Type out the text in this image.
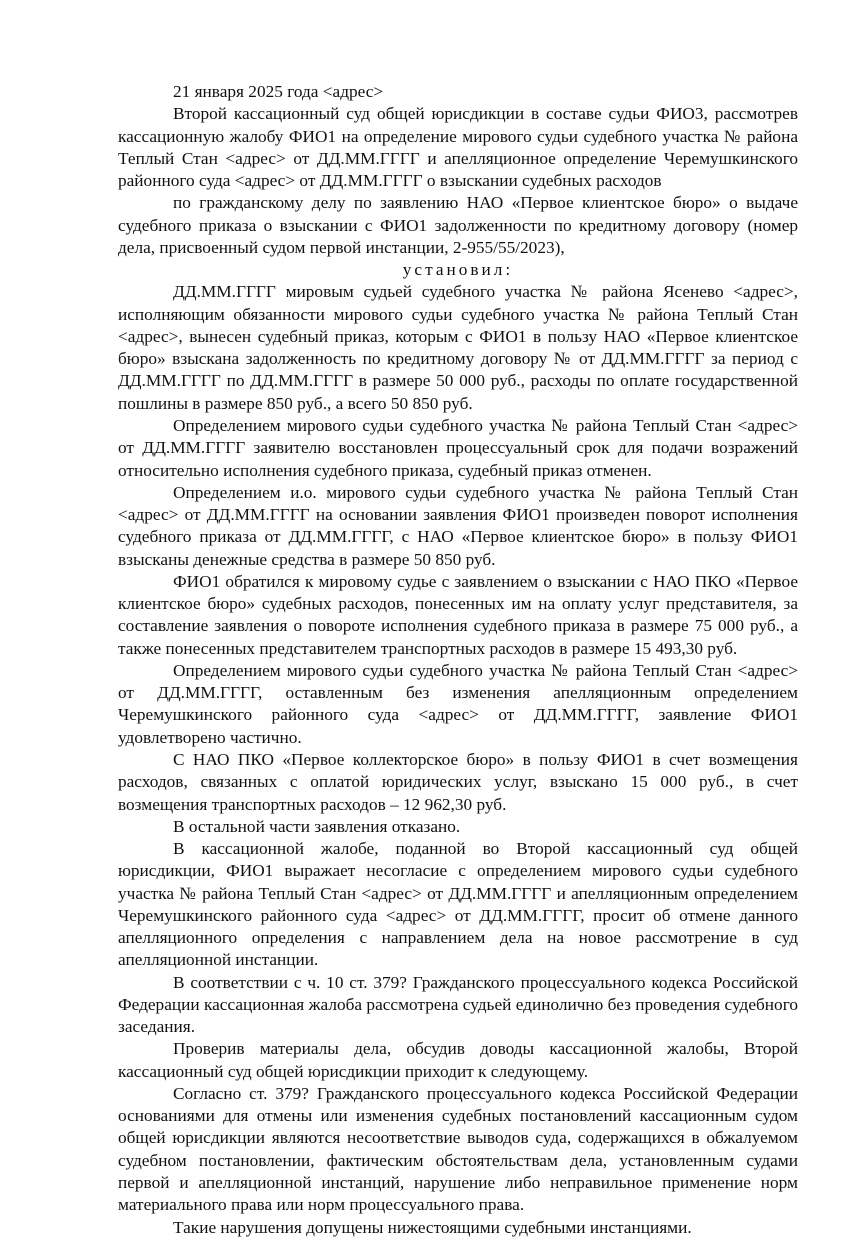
21 января 2025 года <адрес>

Второй кассационный суд общей юрисдикции в составе судьи ФИО3, рассмотрев кассационную жалобу ФИО1 на определение мирового судьи судебного участка № района Теплый Стан <адрес> от ДД.ММ.ГГГГ и апелляционное определение Черемушкинского районного суда <адрес> от ДД.ММ.ГГГГ о взыскании судебных расходов

по гражданскому делу по заявлению НАО «Первое клиентское бюро» о выдаче судебного приказа о взыскании с ФИО1 задолженности по кредитному договору (номер дела, присвоенный судом первой инстанции, 2-955/55/2023),

установил:

ДД.ММ.ГГГГ мировым судьей судебного участка № района Ясенево <адрес>, исполняющим обязанности мирового судьи судебного участка № района Теплый Стан <адрес>, вынесен судебный приказ, которым с ФИО1 в пользу НАО «Первое клиентское бюро» взыскана задолженность по кредитному договору № от ДД.ММ.ГГГГ за период с ДД.ММ.ГГГГ по ДД.ММ.ГГГГ в размере 50 000 руб., расходы по оплате государственной пошлины в размере 850 руб., а всего 50 850 руб.

Определением мирового судьи судебного участка № района Теплый Стан <адрес> от ДД.ММ.ГГГГ заявителю восстановлен процессуальный срок для подачи возражений относительно исполнения судебного приказа, судебный приказ отменен.

Определением и.о. мирового судьи судебного участка № района Теплый Стан <адрес> от ДД.ММ.ГГГГ на основании заявления ФИО1 произведен поворот исполнения судебного приказа от ДД.ММ.ГГГГ, с НАО «Первое клиентское бюро» в пользу ФИО1 взысканы денежные средства в размере 50 850 руб.

ФИО1 обратился к мировому судье с заявлением о взыскании с НАО ПКО «Первое клиентское бюро» судебных расходов, понесенных им на оплату услуг представителя, за составление заявления о повороте исполнения судебного приказа в размере 75 000 руб., а также понесенных представителем транспортных расходов в размере 15 493,30 руб.

Определением мирового судьи судебного участка № района Теплый Стан <адрес> от ДД.ММ.ГГГГ, оставленным без изменения апелляционным определением Черемушкинского районного суда <адрес> от ДД.ММ.ГГГГ, заявление ФИО1 удовлетворено частично.

С НАО ПКО «Первое коллекторское бюро» в пользу ФИО1 в счет возмещения расходов, связанных с оплатой юридических услуг, взыскано 15 000 руб., в счет возмещения транспортных расходов – 12 962,30 руб.

В остальной части заявления отказано.

В кассационной жалобе, поданной во Второй кассационный суд общей юрисдикции, ФИО1 выражает несогласие с определением мирового судьи судебного участка № района Теплый Стан <адрес> от ДД.ММ.ГГГГ и апелляционным определением Черемушкинского районного суда <адрес> от ДД.ММ.ГГГГ, просит об отмене данного апелляционного определения с направлением дела на новое рассмотрение в суд апелляционной инстанции.

В соответствии с ч. 10 ст. 379? Гражданского процессуального кодекса Российской Федерации кассационная жалоба рассмотрена судьей единолично без проведения судебного заседания.

Проверив материалы дела, обсудив доводы кассационной жалобы, Второй кассационный суд общей юрисдикции приходит к следующему.

Согласно ст. 379? Гражданского процессуального кодекса Российской Федерации основаниями для отмены или изменения судебных постановлений кассационным судом общей юрисдикции являются несоответствие выводов суда, содержащихся в обжалуемом судебном постановлении, фактическим обстоятельствам дела, установленным судами первой и апелляционной инстанций, нарушение либо неправильное применение норм материального права или норм процессуального права.

Такие нарушения допущены нижестоящими судебными инстанциями.
